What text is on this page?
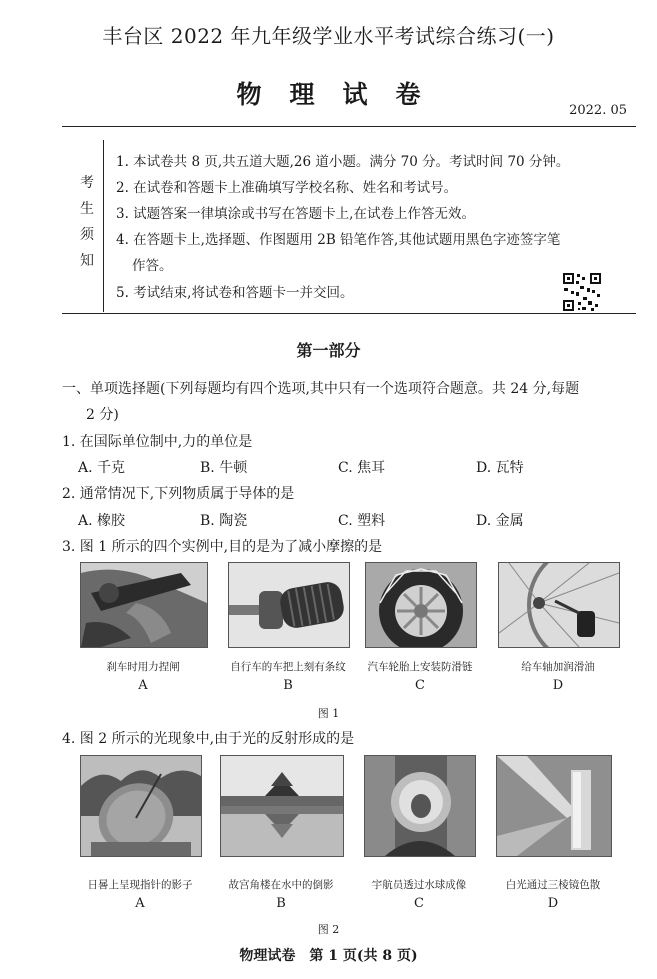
丰台区 2022 年九年级学业水平考试综合练习(一)
物理试卷
2022. 05
考
生
须
知
1. 本试卷共 8 页,共五道大题,26 道小题。满分 70 分。考试时间 70 分钟。
2. 在试卷和答题卡上准确填写学校名称、姓名和考试号。
3. 试题答案一律填涂或书写在答题卡上,在试卷上作答无效。
4. 在答题卡上,选择题、作图题用 2B 铅笔作答,其他试题用黑色字迹签字笔
作答。
5. 考试结束,将试卷和答题卡一并交回。
第一部分
一、单项选择题(下列每题均有四个选项,其中只有一个选项符合题意。共 24 分,每题
2 分)
1. 在国际单位制中,力的单位是
A. 千克	B. 牛顿	C. 焦耳	D. 瓦特
2. 通常情况下,下列物质属于导体的是
A. 橡胶	B. 陶瓷	C. 塑料	D. 金属
3. 图 1 所示的四个实例中,目的是为了减小摩擦的是
刹车时用力捏闸	自行车的车把上刻有条纹	汽车轮胎上安装防滑链	给车轴加润滑油
A	B	C	D
图 1
4. 图 2 所示的光现象中,由于光的反射形成的是
日晷上呈现指针的影子	故宫角楼在水中的倒影	宇航员透过水球成像	白光通过三棱镜色散
A	B	C	D
图 2
物理试卷　第 1 页(共 8 页)
